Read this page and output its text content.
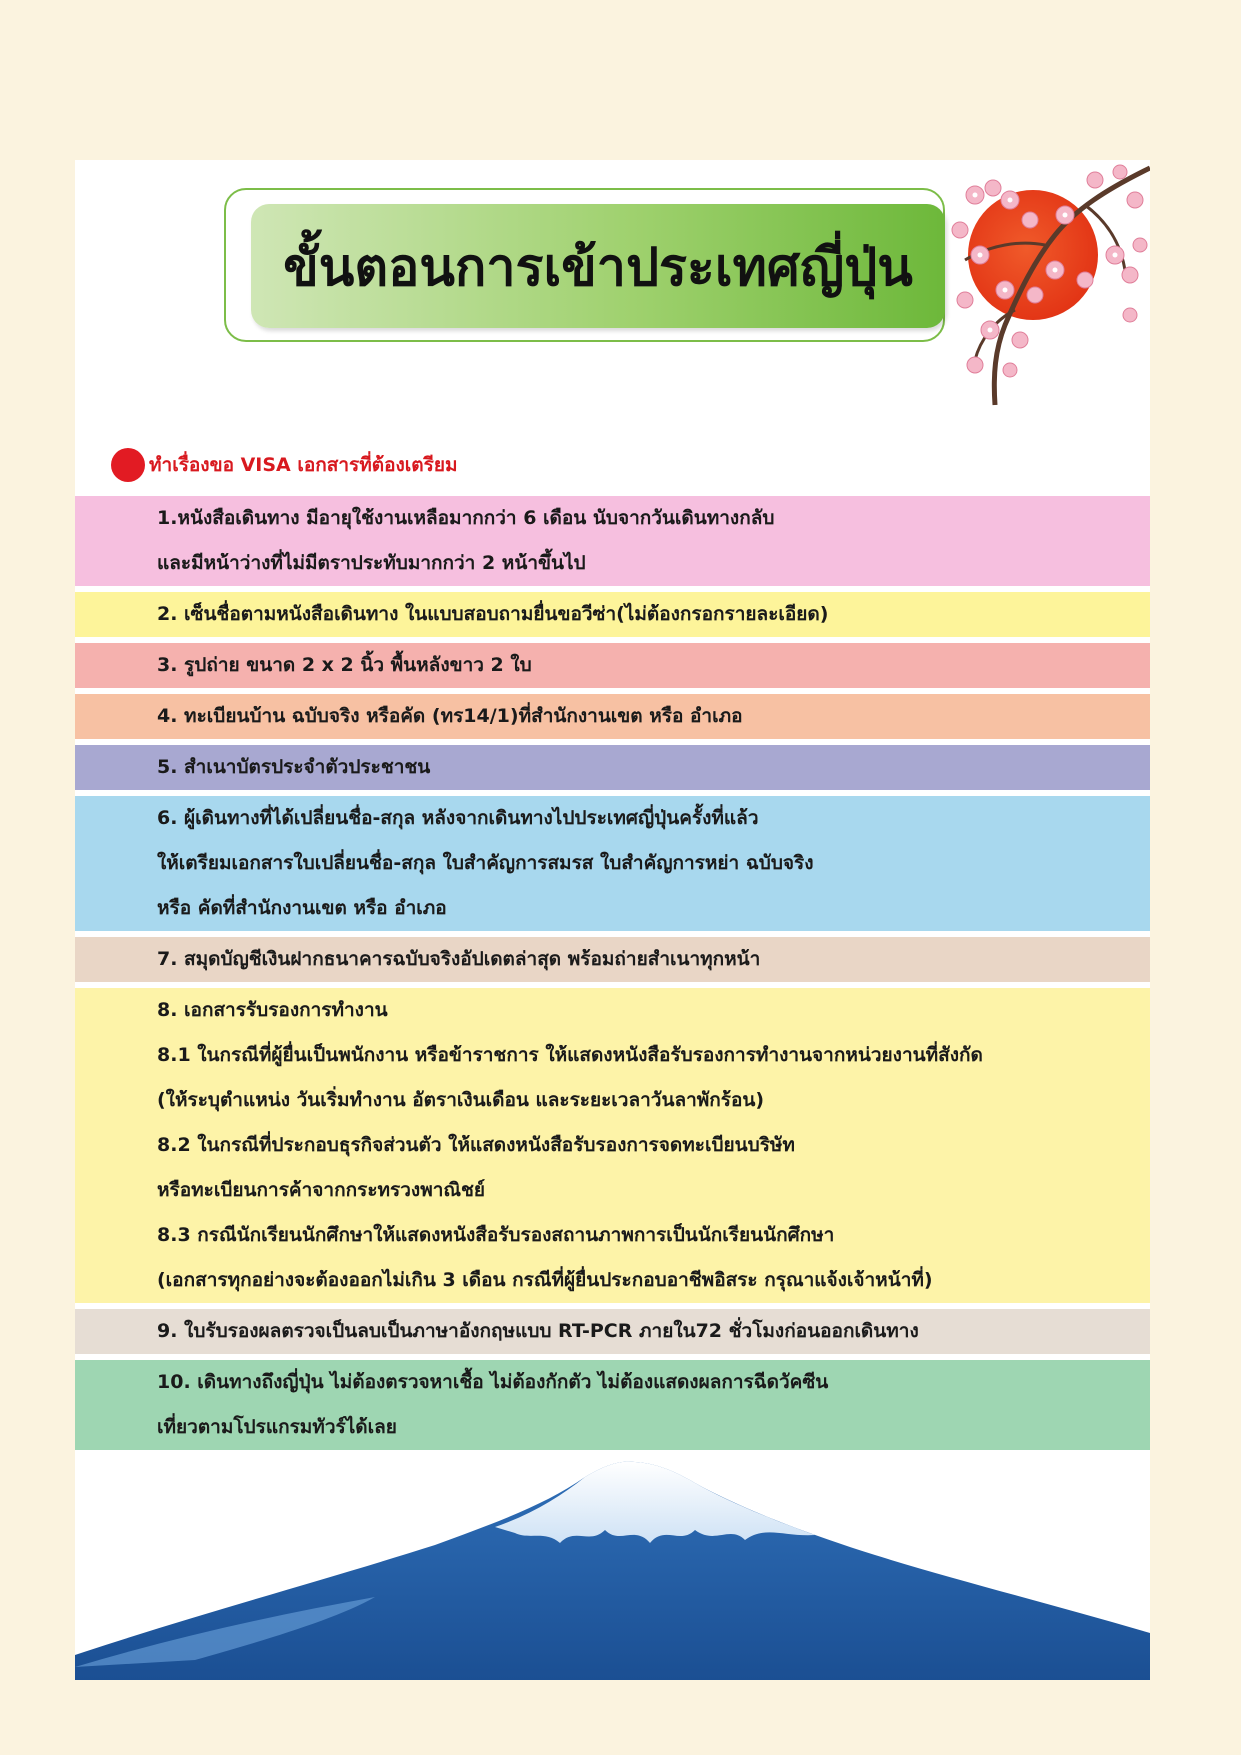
ขั้นตอนการเข้าประเทศญี่ปุ่น
ทำเรื่องขอ VISA เอกสารที่ต้องเตรียม
1.หนังสือเดินทาง มีอายุใช้งานเหลือมากกว่า 6 เดือน นับจากวันเดินทางกลับ
และมีหน้าว่างที่ไม่มีตราประทับมากกว่า 2 หน้าขึ้นไป
2. เซ็นชื่อตามหนังสือเดินทาง ในแบบสอบถามยื่นขอวีซ่า(ไม่ต้องกรอกรายละเอียด)
3. รูปถ่าย ขนาด 2 x 2 นิ้ว พื้นหลังขาว 2 ใบ
4. ทะเบียนบ้าน ฉบับจริง หรือคัด (ทร14/1)ที่สำนักงานเขต หรือ อำเภอ
5. สำเนาบัตรประจำตัวประชาชน
6. ผู้เดินทางที่ได้เปลี่ยนชื่อ-สกุล หลังจากเดินทางไปประเทศญี่ปุ่นครั้งที่แล้ว
ให้เตรียมเอกสารใบเปลี่ยนชื่อ-สกุล ใบสำคัญการสมรส ใบสำคัญการหย่า ฉบับจริง
หรือ คัดที่สำนักงานเขต หรือ อำเภอ
7. สมุดบัญชีเงินฝากธนาคารฉบับจริงอัปเดตล่าสุด พร้อมถ่ายสำเนาทุกหน้า
8. เอกสารรับรองการทำงาน
8.1 ในกรณีที่ผู้ยื่นเป็นพนักงาน หรือข้าราชการ ให้แสดงหนังสือรับรองการทำงานจากหน่วยงานที่สังกัด
(ให้ระบุตำแหน่ง วันเริ่มทำงาน อัตราเงินเดือน และระยะเวลาวันลาพักร้อน)
8.2 ในกรณีที่ประกอบธุรกิจส่วนตัว ให้แสดงหนังสือรับรองการจดทะเบียนบริษัท
หรือทะเบียนการค้าจากกระทรวงพาณิชย์
8.3 กรณีนักเรียนนักศึกษาให้แสดงหนังสือรับรองสถานภาพการเป็นนักเรียนนักศึกษา
(เอกสารทุกอย่างจะต้องออกไม่เกิน 3 เดือน กรณีที่ผู้ยื่นประกอบอาชีพอิสระ กรุณาแจ้งเจ้าหน้าที่)
9. ใบรับรองผลตรวจเป็นลบเป็นภาษาอังกฤษแบบ RT-PCR ภายใน72 ชั่วโมงก่อนออกเดินทาง
10. เดินทางถึงญี่ปุ่น ไม่ต้องตรวจหาเชื้อ ไม่ต้องกักตัว ไม่ต้องแสดงผลการฉีดวัคซีน
เที่ยวตามโปรแกรมทัวร์ได้เลย
